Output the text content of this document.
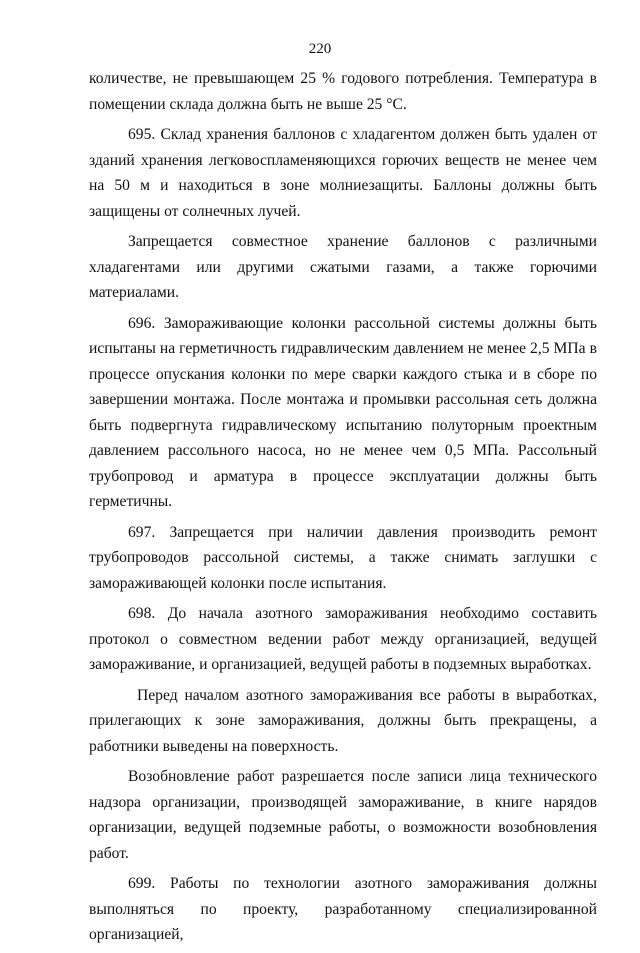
220

количестве, не превышающем 25 % годового потребления. Температура в помещении склада должна быть не выше 25 °С.

695. Склад хранения баллонов с хладагентом должен быть удален от зданий хранения легковоспламеняющихся горючих веществ не менее чем на 50 м и находиться в зоне молниезащиты. Баллоны должны быть защищены от солнечных лучей.

Запрещается совместное хранение баллонов с различными хладагентами или другими сжатыми газами, а также горючими материалами.

696. Замораживающие колонки рассольной системы должны быть испытаны на герметичность гидравлическим давлением не менее 2,5 МПа в процессе опускания колонки по мере сварки каждого стыка и в сборе по завершении монтажа. После монтажа и промывки рассольная сеть должна быть подвергнута гидравлическому испытанию полуторным проектным давлением рассольного насоса, но не менее чем 0,5 МПа. Рассольный трубопровод и арматура в процессе эксплуатации должны быть герметичны.

697. Запрещается при наличии давления производить ремонт трубопроводов рассольной системы, а также снимать заглушки с замораживающей колонки после испытания.

698. До начала азотного замораживания необходимо составить протокол о совместном ведении работ между организацией, ведущей замораживание, и организацией, ведущей работы в подземных выработках.

Перед началом азотного замораживания все работы в выработках, прилегающих к зоне замораживания, должны быть прекращены, а работники выведены на поверхность.

Возобновление работ разрешается после записи лица технического надзора организации, производящей замораживание, в книге нарядов организации, ведущей подземные работы, о возможности возобновления работ.

699. Работы по технологии азотного замораживания должны выполняться по проекту, разработанному специализированной организацией,
